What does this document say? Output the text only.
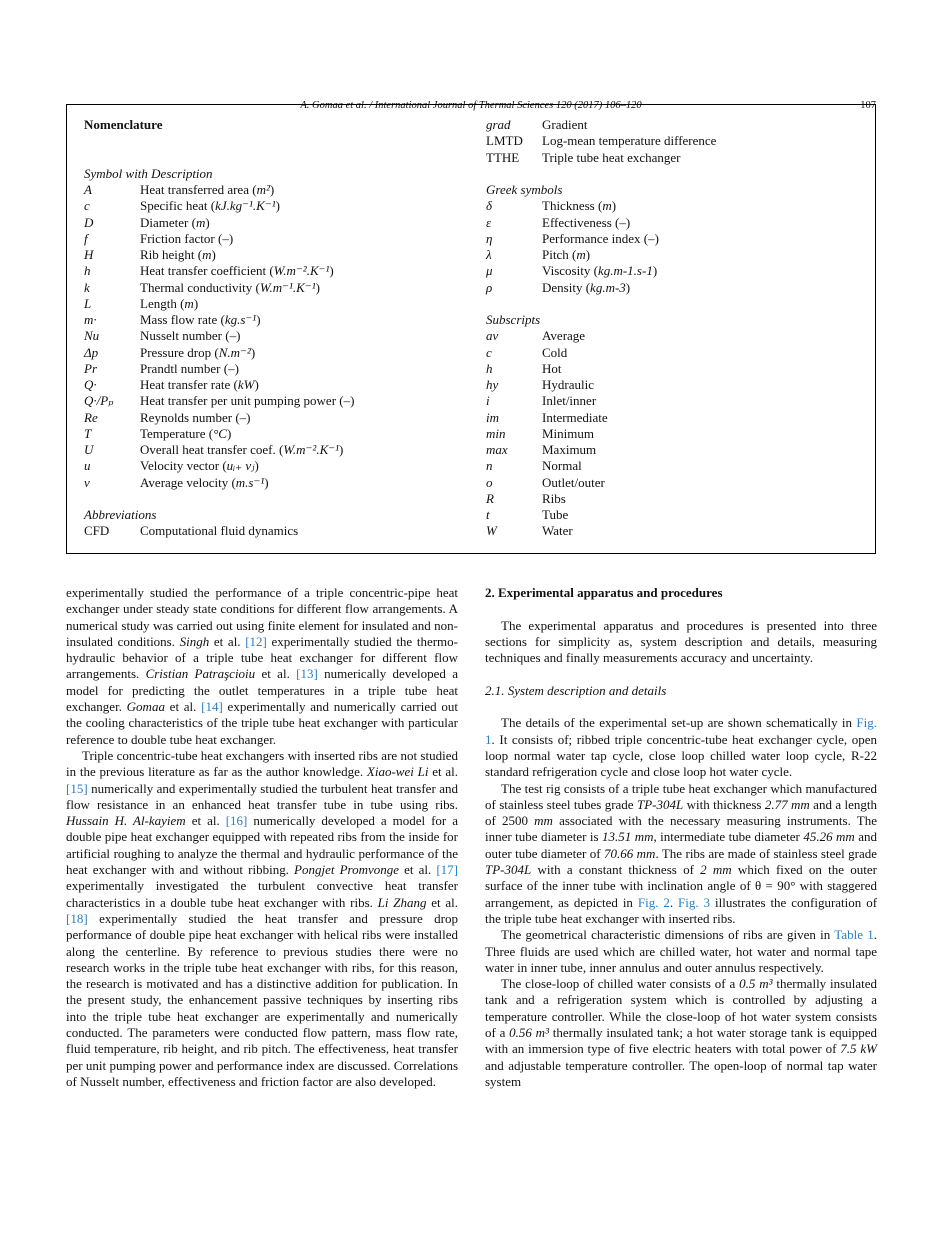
A. Gomaa et al. / International Journal of Thermal Sciences 120 (2017) 106–120	107
Nomenclature
Symbol with Description
A	Heat transferred area (m²)
c	Specific heat (kJ.kg⁻¹.K⁻¹)
D	Diameter (m)
f	Friction factor (–)
H	Rib height (m)
h	Heat transfer coefficient (W.m⁻².K⁻¹)
k	Thermal conductivity (W.m⁻¹.K⁻¹)
L	Length (m)
m·	Mass flow rate (kg.s⁻¹)
Nu	Nusselt number (–)
Δp	Pressure drop (N.m⁻²)
Pr	Prandtl number (–)
Q·	Heat transfer rate (kW)
Q·/Pₚ	Heat transfer per unit pumping power (–)
Re	Reynolds number (–)
T	Temperature (°C)
U	Overall heat transfer coef. (W.m⁻².K⁻¹)
u	Velocity vector (uᵢ₊ vⱼ)
v	Average velocity (m.s⁻¹)
Abbreviations
CFD	Computational fluid dynamics
grad	Gradient
LMTD	Log-mean temperature difference
TTHE	Triple tube heat exchanger
Greek symbols
δ	Thickness (m)
ε	Effectiveness (–)
η	Performance index (–)
λ	Pitch (m)
μ	Viscosity (kg.m-1.s-1)
ρ	Density (kg.m-3)
Subscripts
av	Average
c	Cold
h	Hot
hy	Hydraulic
i	Inlet/inner
im	Intermediate
min	Minimum
max	Maximum
n	Normal
o	Outlet/outer
R	Ribs
t	Tube
W	Water

experimentally studied the performance of a triple concentric-pipe heat exchanger under steady state conditions for different flow arrangements. A numerical study was carried out using finite element for insulated and non-insulated conditions. Singh et al. [12] experimentally studied the thermo-hydraulic behavior of a triple tube heat exchanger for different flow arrangements. Cristian Patraşcioiu et al. [13] numerically developed a model for predicting the outlet temperatures in a triple tube heat exchanger. Gomaa et al. [14] experimentally and numerically carried out the cooling characteristics of the triple tube heat exchanger with particular reference to double tube heat exchanger.

Triple concentric-tube heat exchangers with inserted ribs are not studied in the previous literature as far as the author knowledge. Xiao-wei Li et al. [15] numerically and experimentally studied the turbulent heat transfer and flow resistance in an enhanced heat transfer tube in tube using ribs. Hussain H. Al-kayiem et al. [16] numerically developed a model for a double pipe heat exchanger equipped with repeated ribs from the inside for artificial roughing to analyze the thermal and hydraulic performance of the heat exchanger with and without ribbing. Pongjet Promvonge et al. [17] experimentally investigated the turbulent convective heat transfer characteristics in a double tube heat exchanger with ribs. Li Zhang et al. [18] experimentally studied the heat transfer and pressure drop performance of double pipe heat exchanger with helical ribs were installed along the centerline. By reference to previous studies there were no research works in the triple tube heat exchanger with ribs, for this reason, the research is motivated and has a distinctive addition for publication. In the present study, the enhancement passive techniques by inserting ribs into the triple tube heat exchanger are experimentally and numerically conducted. The parameters were conducted flow pattern, mass flow rate, fluid temperature, rib height, and rib pitch. The effectiveness, heat transfer per unit pumping power and performance index are discussed. Correlations of Nusselt number, effectiveness and friction factor are also developed.

2. Experimental apparatus and procedures

The experimental apparatus and procedures is presented into three sections for simplicity as, system description and details, measuring techniques and finally measurements accuracy and uncertainty.

2.1. System description and details

The details of the experimental set-up are shown schematically in Fig. 1. It consists of; ribbed triple concentric-tube heat exchanger cycle, open loop normal water tap cycle, close loop chilled water loop cycle, R-22 standard refrigeration cycle and close loop hot water cycle.

The test rig consists of a triple tube heat exchanger which manufactured of stainless steel tubes grade TP-304L with thickness 2.77 mm and a length of 2500 mm associated with the necessary measuring instruments. The inner tube diameter is 13.51 mm, intermediate tube diameter 45.26 mm and outer tube diameter of 70.66 mm. The ribs are made of stainless steel grade TP-304L with a constant thickness of 2 mm which fixed on the outer surface of the inner tube with inclination angle of θ = 90° with staggered arrangement, as depicted in Fig. 2. Fig. 3 illustrates the configuration of the triple tube heat exchanger with inserted ribs.

The geometrical characteristic dimensions of ribs are given in Table 1. Three fluids are used which are chilled water, hot water and normal tape water in inner tube, inner annulus and outer annulus respectively.

The close-loop of chilled water consists of a 0.5 m³ thermally insulated tank and a refrigeration system which is controlled by adjusting a temperature controller. While the close-loop of hot water system consists of a 0.56 m³ thermally insulated tank; a hot water storage tank is equipped with an immersion type of five electric heaters with total power of 7.5 kW and adjustable temperature controller. The open-loop of normal tap water system
